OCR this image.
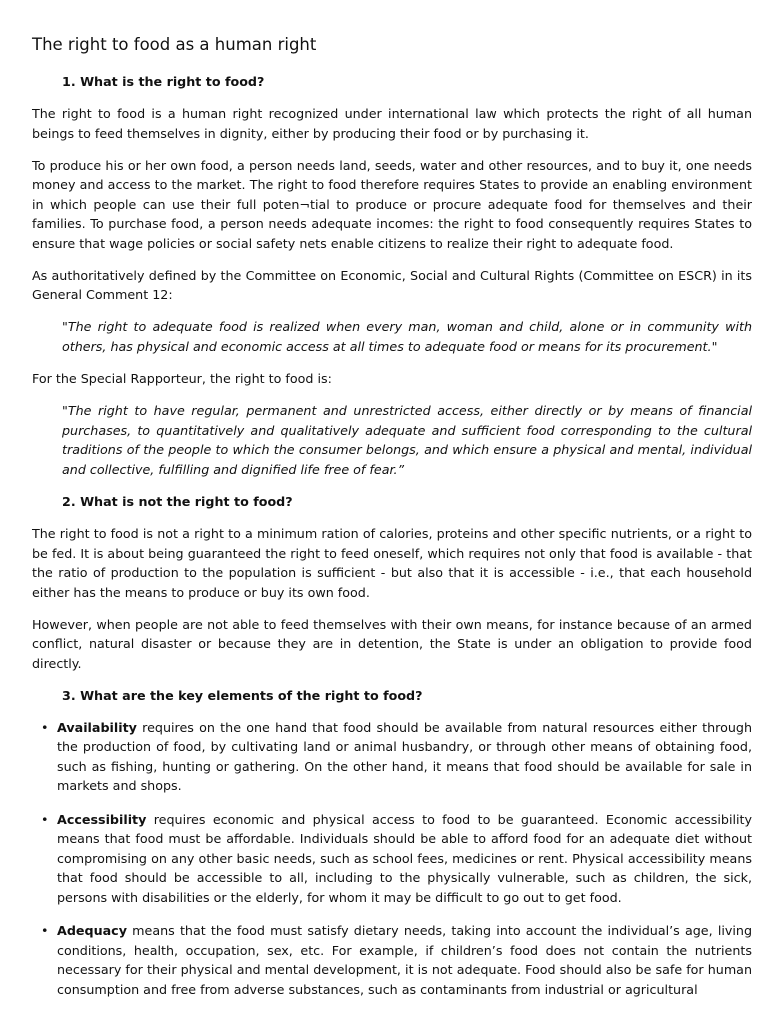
The right to food as a human right
1. What is the right to food?

The right to food is a human right recognized under international law which protects the right of all human beings to feed themselves in dignity, either by producing their food or by purchasing it.

To produce his or her own food, a person needs land, seeds, water and other resources, and to buy it, one needs money and access to the market. The right to food therefore requires States to provide an enabling environment in which people can use their full poten¬tial to produce or procure adequate food for themselves and their families. To purchase food, a person needs adequate incomes: the right to food consequently requires States to ensure that wage policies or social safety nets enable citizens to realize their right to adequate food.

As authoritatively defined by the Committee on Economic, Social and Cultural Rights (Committee on ESCR) in its General Comment 12:

"The right to adequate food is realized when every man, woman and child, alone or in community with others, has physical and economic access at all times to adequate food or means for its procurement."

For the Special Rapporteur, the right to food is:

"The right to have regular, permanent and unrestricted access, either directly or by means of financial purchases, to quantitatively and qualitatively adequate and sufficient food corresponding to the cultural traditions of the people to which the consumer belongs, and which ensure a physical and mental, individual and collective, fulfilling and dignified life free of fear.”
2. What is not the right to food?

The right to food is not a right to a minimum ration of calories, proteins and other specific nutrients, or a right to be fed. It is about being guaranteed the right to feed oneself, which requires not only that food is available - that the ratio of production to the population is sufficient - but also that it is accessible - i.e., that each household either has the means to produce or buy its own food.

However, when people are not able to feed themselves with their own means, for instance because of an armed conflict, natural disaster or because they are in detention, the State is under an obligation to provide food directly.

3. What are the key elements of the right to food?
• Availability requires on the one hand that food should be available from natural resources either through the production of food, by cultivating land or animal husbandry, or through other means of obtaining food, such as fishing, hunting or gathering. On the other hand, it means that food should be available for sale in markets and shops.
• Accessibility requires economic and physical access to food to be guaranteed. Economic accessibility means that food must be affordable. Individuals should be able to afford food for an adequate diet without compromising on any other basic needs, such as school fees, medicines or rent. Physical accessibility means that food should be accessible to all, including to the physically vulnerable, such as children, the sick, persons with disabilities or the elderly, for whom it may be difficult to go out to get food.
• Adequacy means that the food must satisfy dietary needs, taking into account the individual’s age, living conditions, health, occupation, sex, etc. For example, if children’s food does not contain the nutrients necessary for their physical and mental development, it is not adequate. Food should also be safe for human consumption and free from adverse substances, such as contaminants from industrial or agricultural
